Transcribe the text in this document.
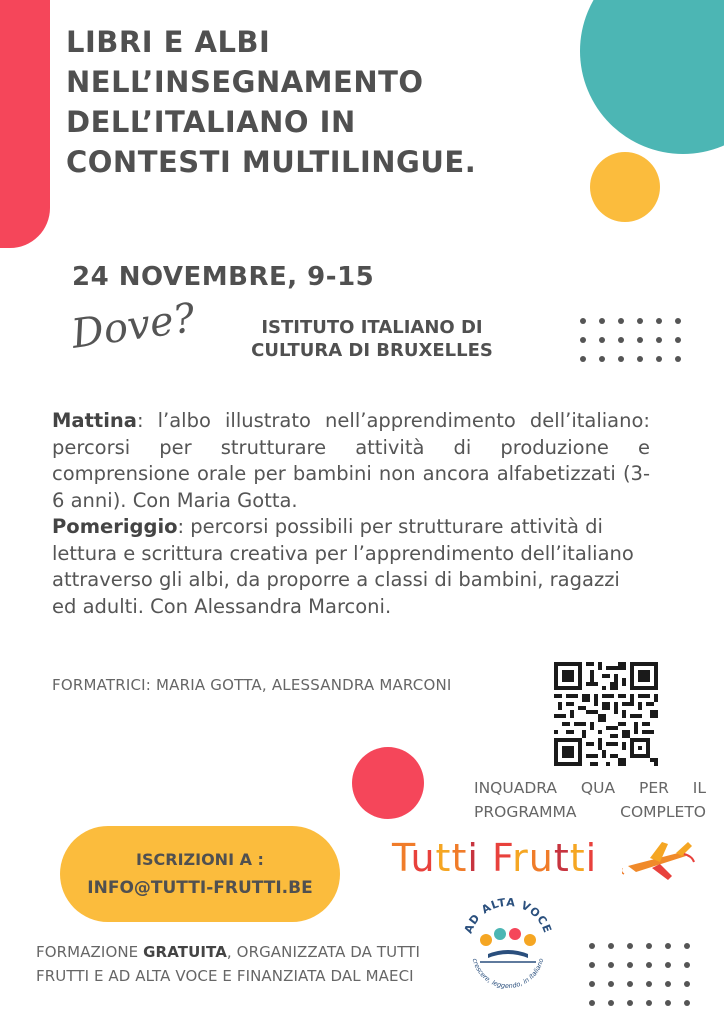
LIBRI E ALBI
NELL’INSEGNAMENTO
DELL’ITALIANO IN
CONTESTI MULTILINGUE.
24 NOVEMBRE, 9-15
Dove?	ISTITUTO ITALIANO DI
CULTURA DI BRUXELLES

Mattina: l’albo illustrato nell’apprendimento dell’italiano: percorsi per strutturare attività di produzione e comprensione orale per bambini non ancora alfabetizzati (3-6 anni). Con Maria Gotta.

Pomeriggio: percorsi possibili per strutturare attività di lettura e scrittura creativa per l’apprendimento dell’italiano attraverso gli albi, da proporre a classi di bambini, ragazzi ed adulti. Con Alessandra Marconi.

FORMATRICI: MARIA GOTTA, ALESSANDRA MARCONI
INQUADRA QUA PER IL PROGRAMMA COMPLETO
ISCRIZIONI A :
INFO@TUTTI-FRUTTI.BE
Tutti Frutti
AD ALTA VOCE
crescere, leggendo, in italiano
FORMAZIONE GRATUITA, ORGANIZZATA DA TUTTI FRUTTI E AD ALTA VOCE E FINANZIATA DAL MAECI
